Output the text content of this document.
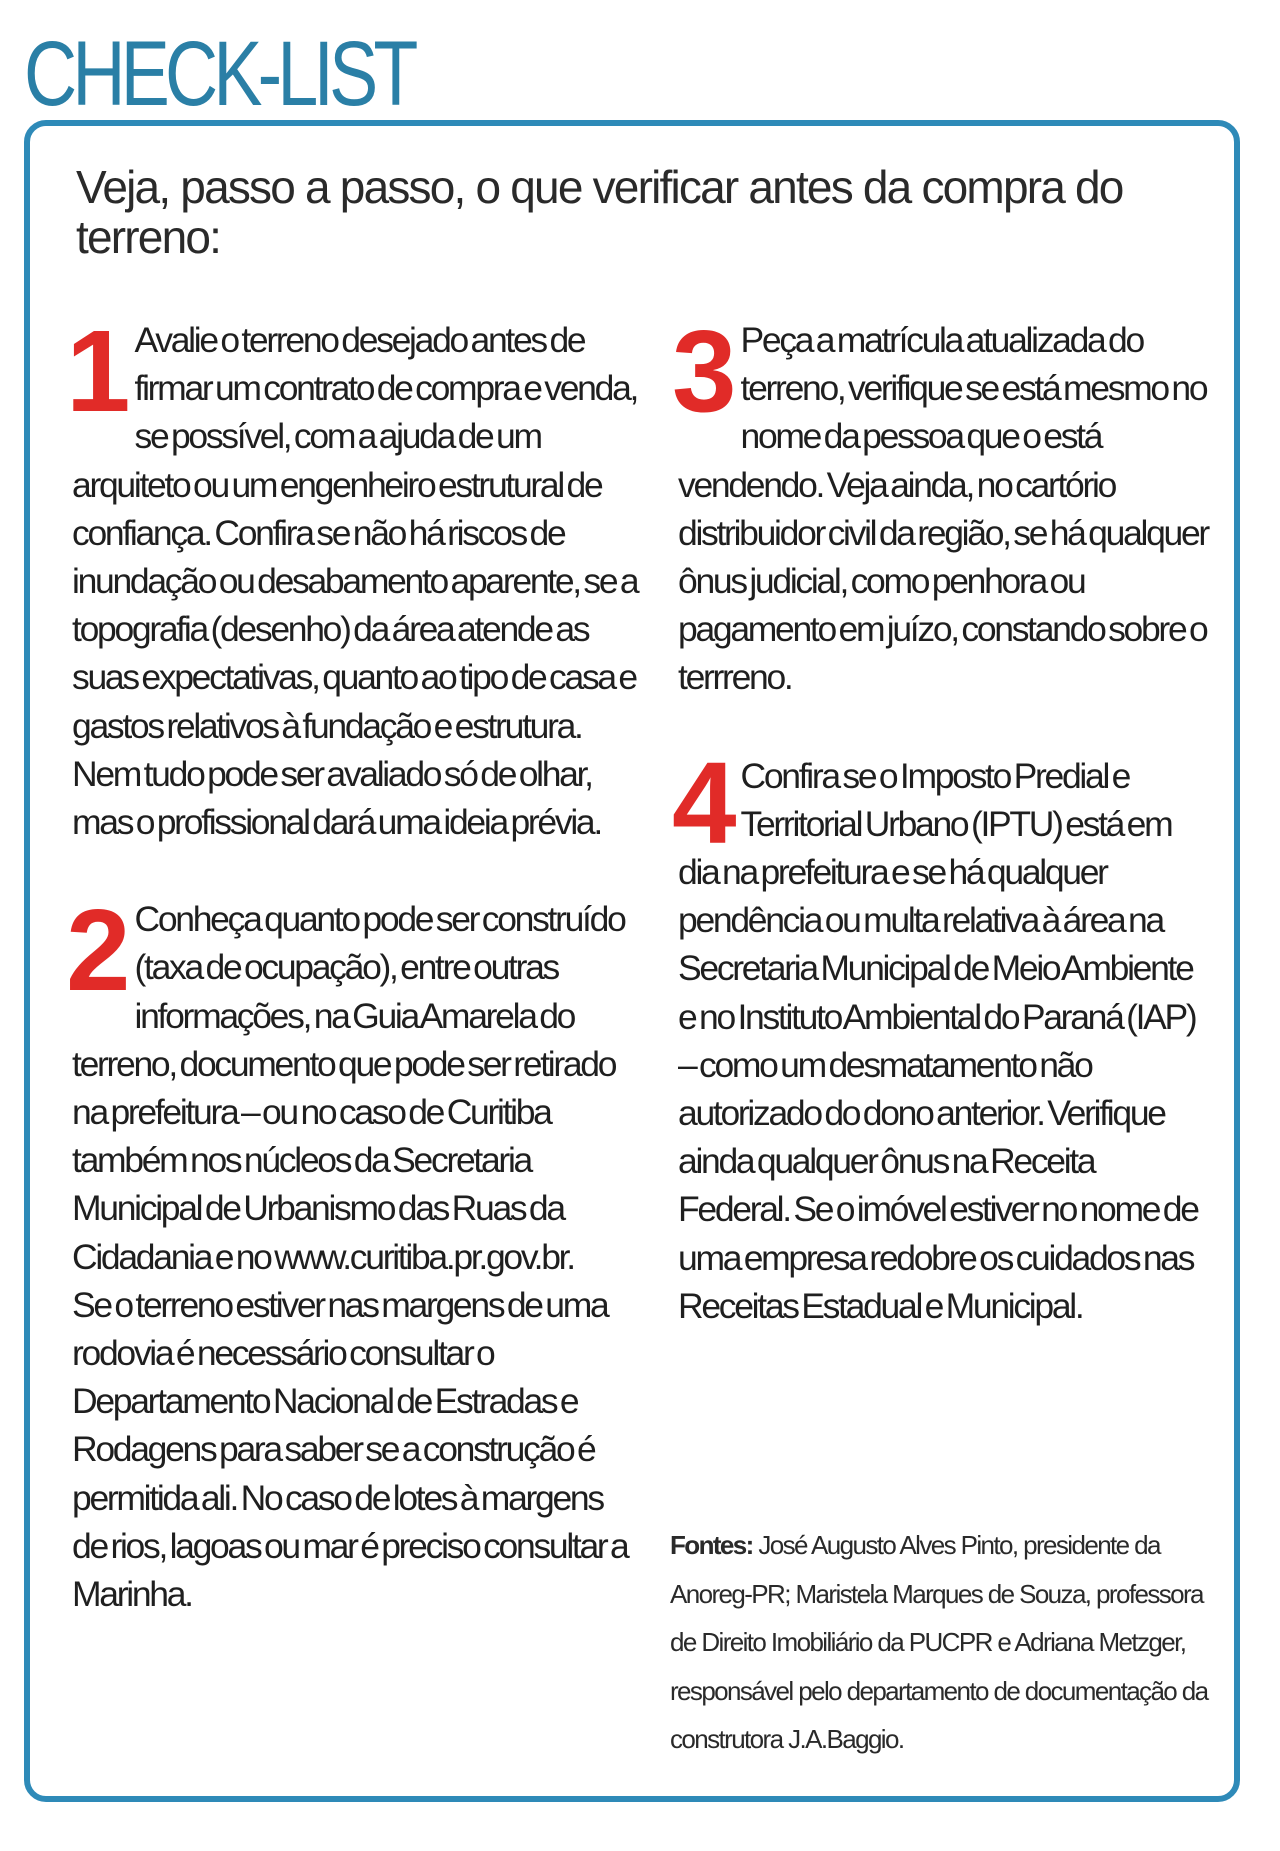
CHECK-LIST
Veja, passo a passo, o que verificar antes da compra do terreno:
1 Avalie o terreno desejado antes de firmar um contrato de compra e venda, se possível, com a ajuda de um arquiteto ou um engenheiro estrutural de confiança. Confira se não há riscos de inundação ou desabamento aparente, se a topografia (desenho) da área atende as suas expectativas, quanto ao tipo de casa e gastos relativos à fundação e estrutura. Nem tudo pode ser avaliado só de olhar, mas o profissional dará uma ideia prévia.

2 Conheça quanto pode ser construído (taxa de ocupação), entre outras informações, na Guia Amarela do terreno, documento que pode ser retirado na prefeitura – ou no caso de Curitiba também nos núcleos da Secretaria Municipal de Urbanismo das Ruas da Cidadania e no www.curitiba.pr.gov.br.

Se o terreno estiver nas margens de uma rodovia é necessário consultar o Departamento Nacional de Estradas e Rodagens para saber se a construção é permitida ali. No caso de lotes à margens de rios, lagoas ou mar é preciso consultar a Marinha.

3 Peça a matrícula atualizada do terreno, verifique se está mesmo no nome da pessoa que o está vendendo. Veja ainda, no cartório distribuidor civil da região, se há qualquer ônus judicial, como penhora ou pagamento em juízo, constando sobre o terrreno.

4 Confira se o Imposto Predial e Territorial Urbano (IPTU) está em dia na prefeitura e se há qualquer pendência ou multa relativa à área na Secretaria Municipal de Meio Ambiente e no Instituto Ambiental do Paraná (IAP) – como um desmatamento não autorizado do dono anterior. Verifique ainda qualquer ônus na Receita Federal. Se o imóvel estiver no nome de uma empresa redobre os cuidados nas Receitas Estadual e Municipal.

Fontes: José Augusto Alves Pinto, presidente da Anoreg-PR; Maristela Marques de Souza, professora de Direito Imobiliário da PUCPR e Adriana Metzger, responsável pelo departamento de documentação da construtora J.A.Baggio.
